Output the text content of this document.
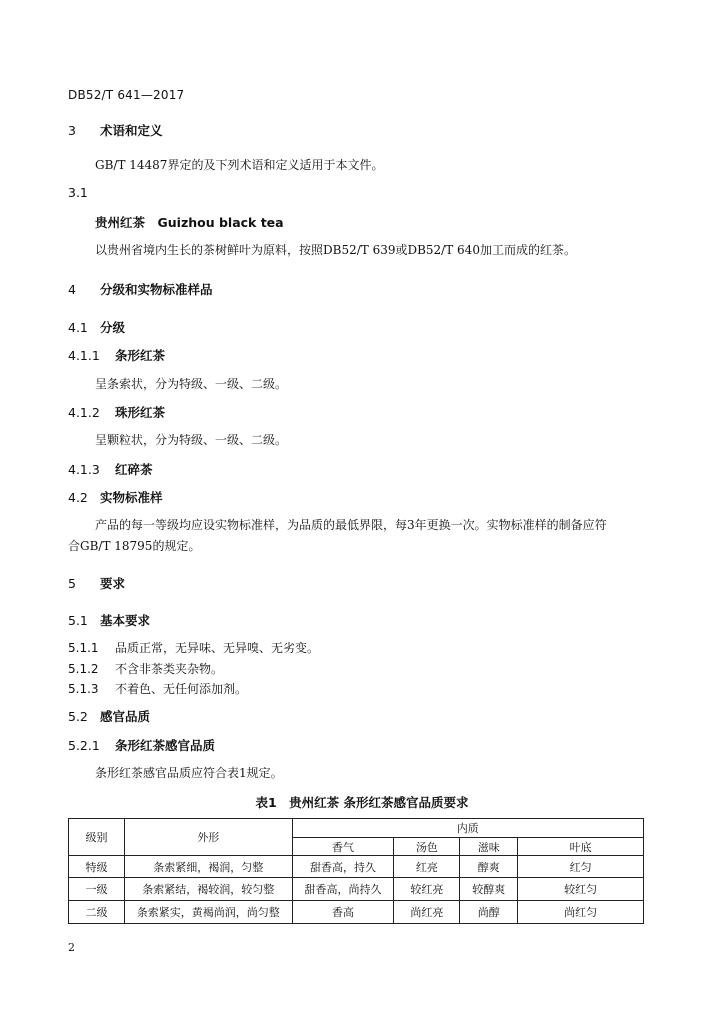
DB52/T 641—2017
3 术语和定义
GB/T 14487界定的及下列术语和定义适用于本文件。
3.1
贵州红茶　Guizhou black tea
以贵州省境内生长的茶树鲜叶为原料，按照DB52/T 639或DB52/T 640加工而成的红茶。
4 分级和实物标准样品
4.1 分级
4.1.1 条形红茶
呈条索状，分为特级、一级、二级。
4.1.2 珠形红茶
呈颗粒状，分为特级、一级、二级。
4.1.3 红碎茶
4.2 实物标准样
产品的每一等级均应设实物标准样，为品质的最低界限，每3年更换一次。实物标准样的制备应符
合GB/T 18795的规定。
5 要求
5.1 基本要求
5.1.1 品质正常，无异味、无异嗅、无劣变。
5.1.2 不含非茶类夹杂物。
5.1.3 不着色、无任何添加剂。
5.2 感官品质
5.2.1 条形红茶感官品质
条形红茶感官品质应符合表1规定。
表1　贵州红茶 条形红茶感官品质要求
级别	外形	内质			
		香气	汤色	滋味	叶底
特级	条索紧细，褐润，匀整	甜香高，持久	红亮	醇爽	红匀
一级	条索紧结，褐较润，较匀整	甜香高，尚持久	较红亮	较醇爽	较红匀
二级	条索紧实，黄褐尚润，尚匀整	香高	尚红亮	尚醇	尚红匀
2
